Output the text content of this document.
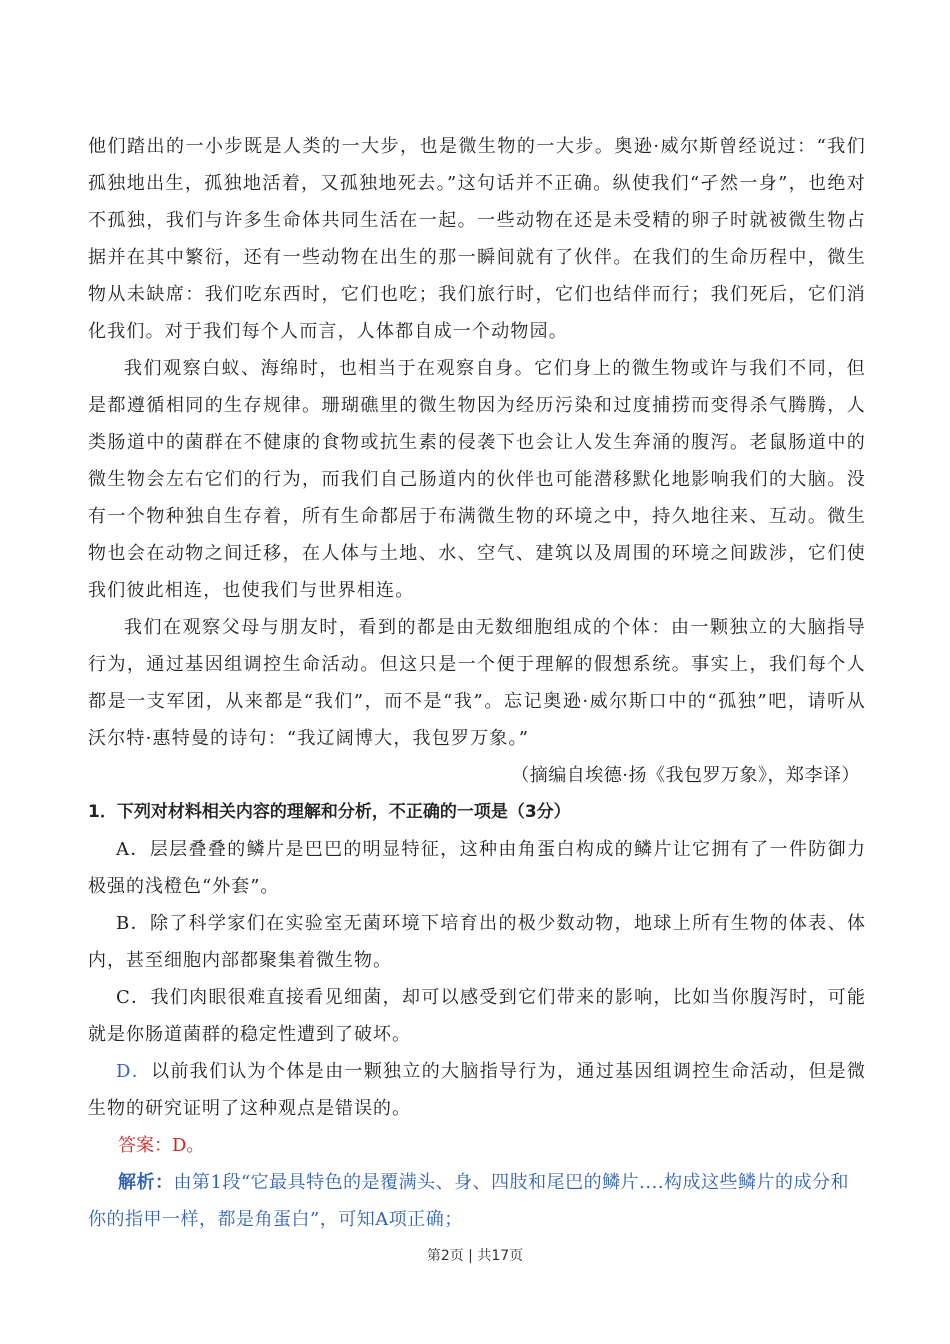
他们踏出的一小步既是人类的一大步，也是微生物的一大步。奥逊·威尔斯曾经说过：“我们孤独地出生，孤独地活着，又孤独地死去。”这句话并不正确。纵使我们“孑然一身”，也绝对不孤独，我们与许多生命体共同生活在一起。一些动物在还是未受精的卵子时就被微生物占据并在其中繁衍，还有一些动物在出生的那一瞬间就有了伙伴。在我们的生命历程中，微生物从未缺席：我们吃东西时，它们也吃；我们旅行时，它们也结伴而行；我们死后，它们消化我们。对于我们每个人而言，人体都自成一个动物园。

我们观察白蚁、海绵时，也相当于在观察自身。它们身上的微生物或许与我们不同，但是都遵循相同的生存规律。珊瑚礁里的微生物因为经历污染和过度捕捞而变得杀气腾腾，人类肠道中的菌群在不健康的食物或抗生素的侵袭下也会让人发生奔涌的腹泻。老鼠肠道中的微生物会左右它们的行为，而我们自己肠道内的伙伴也可能潜移默化地影响我们的大脑。没有一个物种独自生存着，所有生命都居于布满微生物的环境之中，持久地往来、互动。微生物也会在动物之间迁移，在人体与土地、水、空气、建筑以及周围的环境之间跋涉，它们使我们彼此相连，也使我们与世界相连。

我们在观察父母与朋友时，看到的都是由无数细胞组成的个体：由一颗独立的大脑指导行为，通过基因组调控生命活动。但这只是一个便于理解的假想系统。事实上，我们每个人都是一支军团，从来都是“我们”，而不是“我”。忘记奥逊·威尔斯口中的“孤独”吧，请听从沃尔特·惠特曼的诗句：“我辽阔博大，我包罗万象。”

（摘编自埃德·扬《我包罗万象》，郑李译）

1．下列对材料相关内容的理解和分析，不正确的一项是（3分）

A．层层叠叠的鳞片是巴巴的明显特征，这种由角蛋白构成的鳞片让它拥有了一件防御力极强的浅橙色“外套”。

B．除了科学家们在实验室无菌环境下培育出的极少数动物，地球上所有生物的体表、体内，甚至细胞内部都聚集着微生物。

C．我们肉眼很难直接看见细菌，却可以感受到它们带来的影响，比如当你腹泻时，可能就是你肠道菌群的稳定性遭到了破坏。

D．以前我们认为个体是由一颗独立的大脑指导行为，通过基因组调控生命活动，但是微生物的研究证明了这种观点是错误的。

答案：D。

解析：由第1段“它最具特色的是覆满头、身、四肢和尾巴的鳞片....构成这些鳞片的成分和你的指甲一样，都是角蛋白”，可知A项正确；

第2页 | 共17页
